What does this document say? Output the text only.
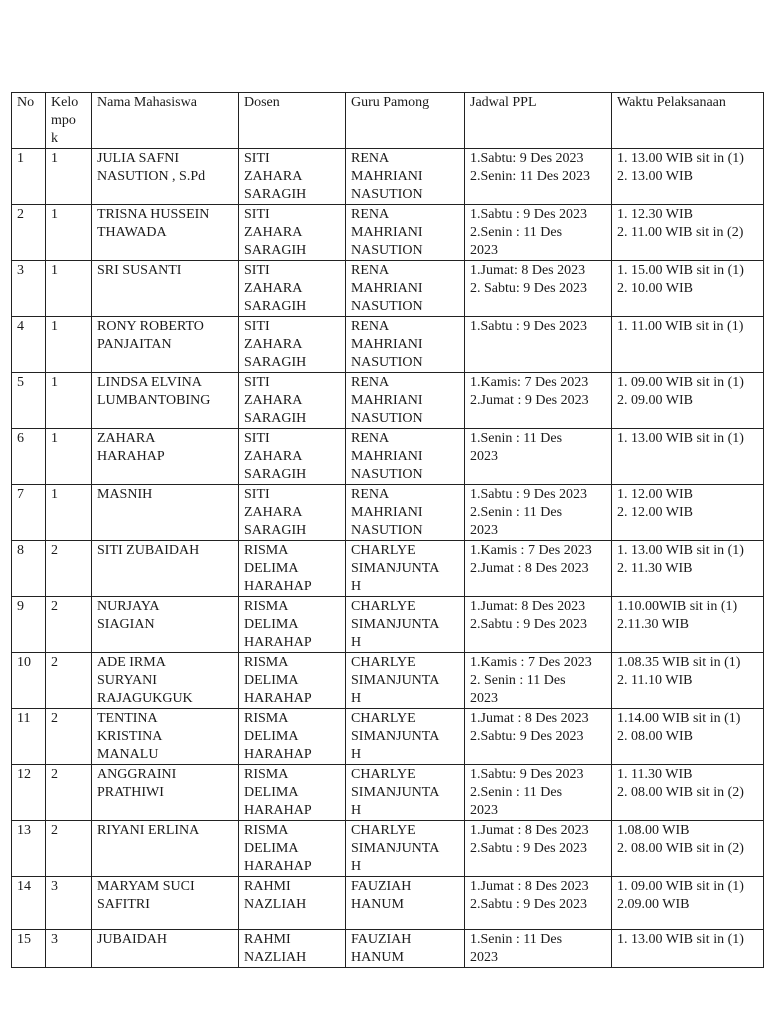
No	Kelo
mpo
k	Nama Mahasiswa	Dosen	Guru Pamong	Jadwal PPL	Waktu Pelaksanaan

1	1	JULIA SAFNI
NASUTION , S.Pd	SITI
ZAHARA
SARAGIH	RENA
MAHRIANI
NASUTION	1.Sabtu: 9 Des 2023
2.Senin: 11 Des 2023	1. 13.00 WIB sit in (1)
2. 13.00 WIB

2	1	TRISNA HUSSEIN
THAWADA	SITI
ZAHARA
SARAGIH	RENA
MAHRIANI
NASUTION	1.Sabtu : 9 Des 2023
2.Senin : 11 Des
2023	1. 12.30 WIB
2. 11.00 WIB sit in (2)

3	1	SRI SUSANTI	SITI
ZAHARA
SARAGIH	RENA
MAHRIANI
NASUTION	1.Jumat: 8 Des 2023
2. Sabtu: 9 Des 2023	1. 15.00 WIB sit in (1)
2. 10.00 WIB

4	1	RONY ROBERTO
PANJAITAN	SITI
ZAHARA
SARAGIH	RENA
MAHRIANI
NASUTION	1.Sabtu : 9 Des 2023	1. 11.00 WIB sit in (1)

5	1	LINDSA ELVINA
LUMBANTOBING	SITI
ZAHARA
SARAGIH	RENA
MAHRIANI
NASUTION	1.Kamis: 7 Des 2023
2.Jumat : 9 Des 2023	1. 09.00 WIB sit in (1)
2. 09.00 WIB

6	1	ZAHARA
HARAHAP	SITI
ZAHARA
SARAGIH	RENA
MAHRIANI
NASUTION	1.Senin : 11 Des
2023	1. 13.00 WIB sit in (1)

7	1	MASNIH	SITI
ZAHARA
SARAGIH	RENA
MAHRIANI
NASUTION	1.Sabtu : 9 Des 2023
2.Senin : 11 Des
2023	1. 12.00 WIB
2. 12.00 WIB

8	2	SITI ZUBAIDAH	RISMA
DELIMA
HARAHAP	CHARLYE
SIMANJUNTA
H	1.Kamis : 7 Des 2023
2.Jumat : 8 Des 2023	1. 13.00 WIB sit in (1)
2. 11.30 WIB

9	2	NURJAYA
SIAGIAN	RISMA
DELIMA
HARAHAP	CHARLYE
SIMANJUNTA
H	1.Jumat: 8 Des 2023
2.Sabtu : 9 Des 2023	1.10.00WIB sit in (1)
2.11.30 WIB

10	2	ADE IRMA
SURYANI
RAJAGUKGUK	RISMA
DELIMA
HARAHAP	CHARLYE
SIMANJUNTA
H	1.Kamis : 7 Des 2023
2. Senin : 11 Des
2023	1.08.35 WIB sit in (1)
2. 11.10 WIB

11	2	TENTINA
KRISTINA
MANALU	RISMA
DELIMA
HARAHAP	CHARLYE
SIMANJUNTA
H	1.Jumat : 8 Des 2023
2.Sabtu: 9 Des 2023	1.14.00 WIB sit in (1)
2. 08.00 WIB

12	2	ANGGRAINI
PRATHIWI	RISMA
DELIMA
HARAHAP	CHARLYE
SIMANJUNTA
H	1.Sabtu: 9 Des 2023
2.Senin : 11 Des
2023	1. 11.30 WIB
2. 08.00 WIB sit in (2)

13	2	RIYANI ERLINA	RISMA
DELIMA
HARAHAP	CHARLYE
SIMANJUNTA
H	1.Jumat : 8 Des 2023
2.Sabtu : 9 Des 2023	1.08.00 WIB
2. 08.00 WIB sit in (2)

14	3	MARYAM SUCI
SAFITRI	RAHMI
NAZLIAH	FAUZIAH
HANUM	1.Jumat : 8 Des 2023
2.Sabtu : 9 Des 2023	1. 09.00 WIB sit in (1)
2.09.00 WIB

15	3	JUBAIDAH	RAHMI
NAZLIAH	FAUZIAH
HANUM	1.Senin : 11 Des
2023	1. 13.00 WIB sit in (1)
